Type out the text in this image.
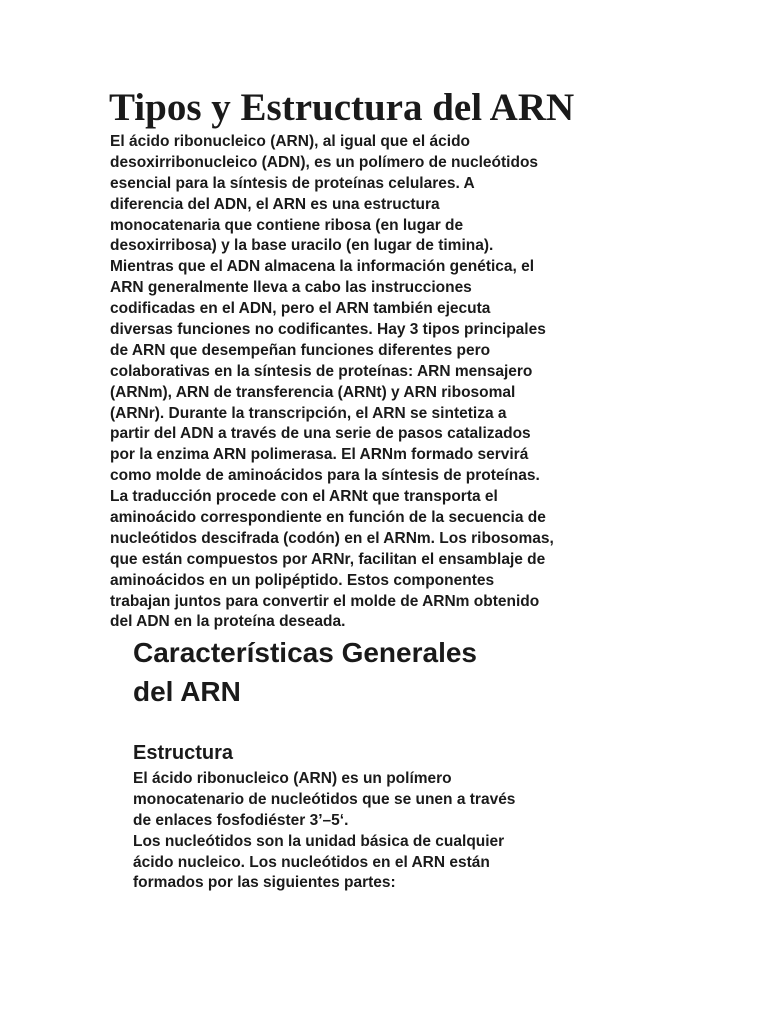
Tipos y Estructura del ARN

El ácido ribonucleico (ARN), al igual que el ácido
desoxirribonucleico (ADN), es un polímero de nucleótidos
esencial para la síntesis de proteínas celulares. A
diferencia del ADN, el ARN es una estructura
monocatenaria que contiene ribosa (en lugar de
desoxirribosa) y la base uracilo (en lugar de timina).
Mientras que el ADN almacena la información genética, el
ARN generalmente lleva a cabo las instrucciones
codificadas en el ADN, pero el ARN también ejecuta
diversas funciones no codificantes. Hay 3 tipos principales
de ARN que desempeñan funciones diferentes pero
colaborativas en la síntesis de proteínas: ARN mensajero
(ARNm), ARN de transferencia (ARNt) y ARN ribosomal
(ARNr). Durante la transcripción, el ARN se sintetiza a
partir del ADN a través de una serie de pasos catalizados
por la enzima ARN polimerasa. El ARNm formado servirá
como molde de aminoácidos para la síntesis de proteínas.
La traducción procede con el ARNt que transporta el
aminoácido correspondiente en función de la secuencia de
nucleótidos descifrada (codón) en el ARNm. Los ribosomas,
que están compuestos por ARNr, facilitan el ensamblaje de
aminoácidos en un polipéptido. Estos componentes
trabajan juntos para convertir el molde de ARNm obtenido
del ADN en la proteína deseada.

Características Generales
del ARN
Estructura

El ácido ribonucleico (ARN) es un polímero
monocatenario de nucleótidos que se unen a través
de enlaces fosfodiéster 3’–5‘.
Los nucleótidos son la unidad básica de cualquier
ácido nucleico. Los nucleótidos en el ARN están
formados por las siguientes partes:
